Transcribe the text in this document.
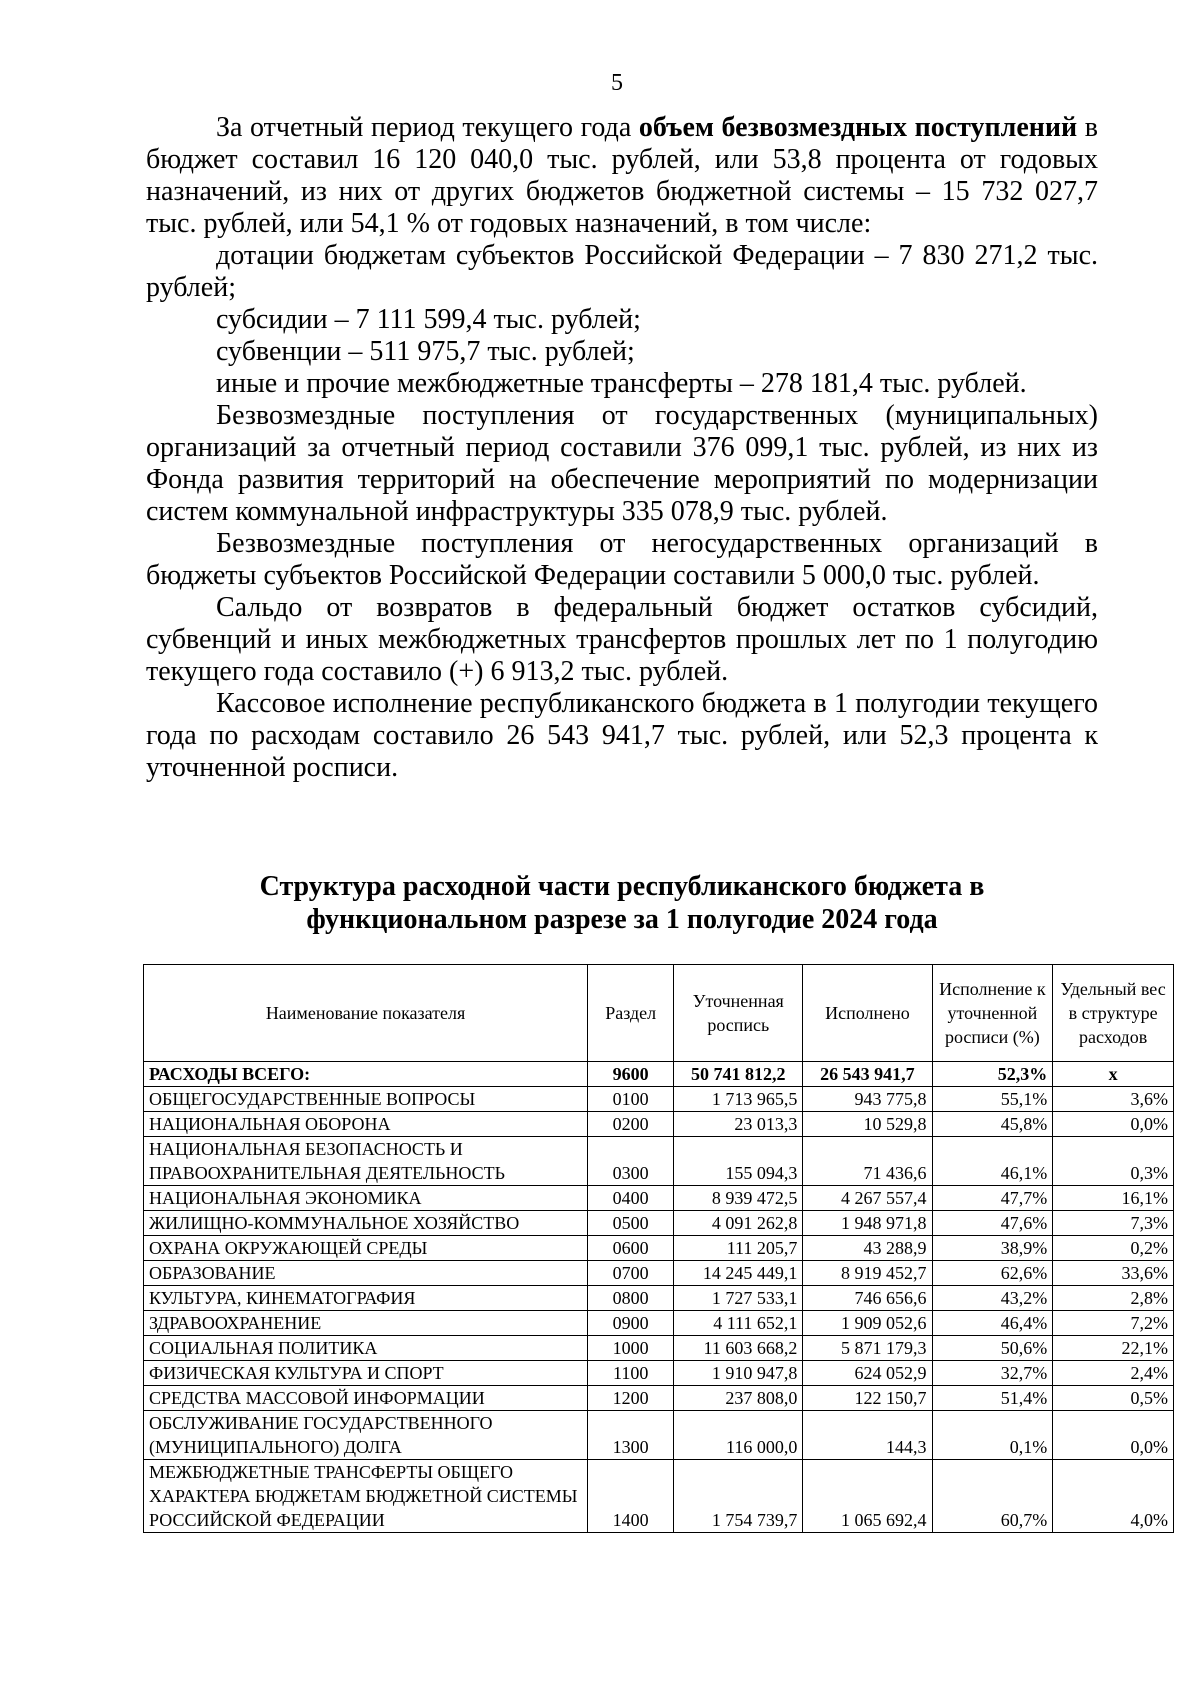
5

За отчетный период текущего года объем безвозмездных поступлений в бюджет составил 16 120 040,0 тыс. рублей, или 53,8 процента от годовых назначений, из них от других бюджетов бюджетной системы – 15 732 027,7 тыс. рублей, или 54,1 % от годовых назначений, в том числе:

дотации бюджетам субъектов Российской Федерации – 7 830 271,2 тыс. рублей;

субсидии – 7 111 599,4 тыс. рублей;

субвенции – 511 975,7 тыс. рублей;

иные и прочие межбюджетные трансферты – 278 181,4 тыс. рублей.

Безвозмездные поступления от государственных (муниципальных) организаций за отчетный период составили 376 099,1 тыс. рублей, из них из Фонда развития территорий на обеспечение мероприятий по модернизации систем коммунальной инфраструктуры 335 078,9 тыс. рублей.

Безвозмездные поступления от негосударственных организаций в бюджеты субъектов Российской Федерации составили 5 000,0 тыс. рублей.

Сальдо от возвратов в федеральный бюджет остатков субсидий, субвенций и иных межбюджетных трансфертов прошлых лет по 1 полугодию текущего года составило (+) 6 913,2 тыс. рублей.

Кассовое исполнение республиканского бюджета в 1 полугодии текущего года по расходам составило 26 543 941,7 тыс. рублей, или 52,3 процента к уточненной росписи.

Структура расходной части республиканского бюджета в
функциональном разрезе за 1 полугодие 2024 года
Наименование показателя	Раздел	Уточненная роспись	Исполнено	Исполнение к уточненной росписи (%)	Удельный вес в структуре расходов
РАСХОДЫ ВСЕГО:	9600	50 741 812,2	26 543 941,7	52,3%	х
ОБЩЕГОСУДАРСТВЕННЫЕ ВОПРОСЫ	0100	1 713 965,5	943 775,8	55,1%	3,6%
НАЦИОНАЛЬНАЯ ОБОРОНА	0200	23 013,3	10 529,8	45,8%	0,0%
НАЦИОНАЛЬНАЯ БЕЗОПАСНОСТЬ И ПРАВООХРАНИТЕЛЬНАЯ ДЕЯТЕЛЬНОСТЬ	0300	155 094,3	71 436,6	46,1%	0,3%
НАЦИОНАЛЬНАЯ ЭКОНОМИКА	0400	8 939 472,5	4 267 557,4	47,7%	16,1%
ЖИЛИЩНО-КОММУНАЛЬНОЕ ХОЗЯЙСТВО	0500	4 091 262,8	1 948 971,8	47,6%	7,3%
ОХРАНА ОКРУЖАЮЩЕЙ СРЕДЫ	0600	111 205,7	43 288,9	38,9%	0,2%
ОБРАЗОВАНИЕ	0700	14 245 449,1	8 919 452,7	62,6%	33,6%
КУЛЬТУРА, КИНЕМАТОГРАФИЯ	0800	1 727 533,1	746 656,6	43,2%	2,8%
ЗДРАВООХРАНЕНИЕ	0900	4 111 652,1	1 909 052,6	46,4%	7,2%
СОЦИАЛЬНАЯ ПОЛИТИКА	1000	11 603 668,2	5 871 179,3	50,6%	22,1%
ФИЗИЧЕСКАЯ КУЛЬТУРА И СПОРТ	1100	1 910 947,8	624 052,9	32,7%	2,4%
СРЕДСТВА МАССОВОЙ ИНФОРМАЦИИ	1200	237 808,0	122 150,7	51,4%	0,5%
ОБСЛУЖИВАНИЕ ГОСУДАРСТВЕННОГО (МУНИЦИПАЛЬНОГО) ДОЛГА	1300	116 000,0	144,3	0,1%	0,0%
МЕЖБЮДЖЕТНЫЕ ТРАНСФЕРТЫ ОБЩЕГО ХАРАКТЕРА БЮДЖЕТАМ БЮДЖЕТНОЙ СИСТЕМЫ РОССИЙСКОЙ ФЕДЕРАЦИИ	1400	1 754 739,7	1 065 692,4	60,7%	4,0%
